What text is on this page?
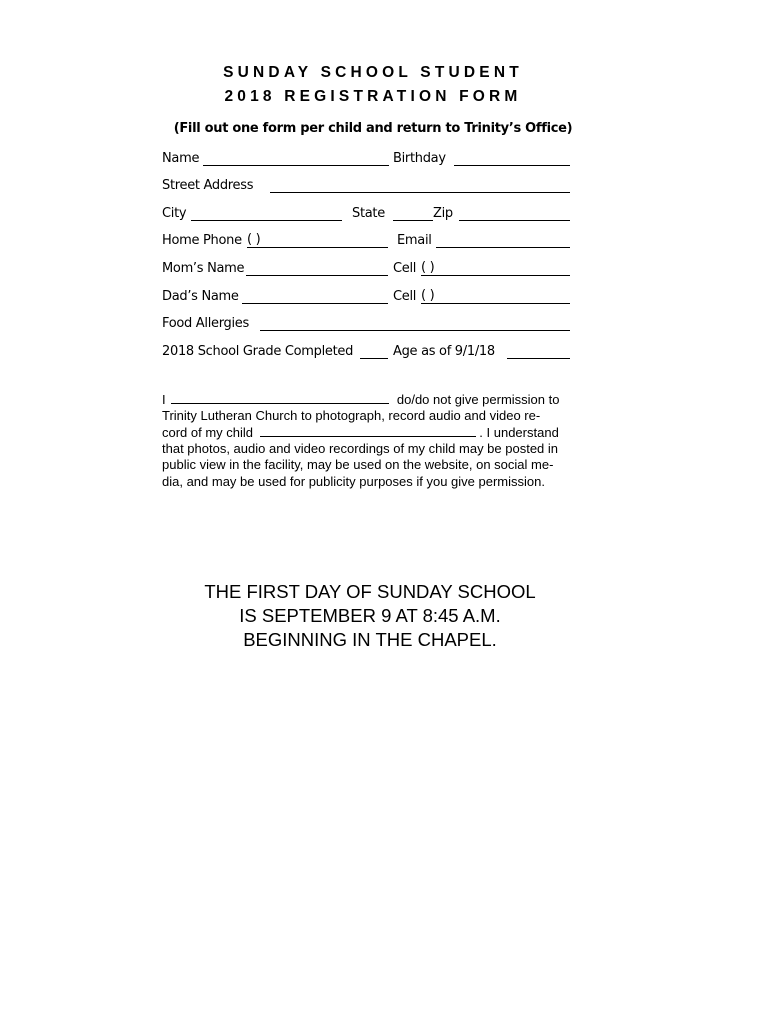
SUNDAY SCHOOL STUDENT
2018 REGISTRATION FORM
(Fill out one form per child and return to Trinity’s Office)
Name	Birthday
Street Address
City	State	Zip
Home Phone ( )	Email
Mom’s Name	Cell ( )
Dad’s Name	Cell ( )
Food Allergies
2018 School Grade Completed	Age as of 9/1/18
I	do/do not give permission to
Trinity Lutheran Church to photograph, record audio and video re-
cord of my child	. I understand
that photos, audio and video recordings of my child may be posted in
public view in the facility, may be used on the website, on social me-
dia, and may be used for publicity purposes if you give permission.
THE FIRST DAY OF SUNDAY SCHOOL
IS SEPTEMBER 9 AT 8:45 A.M.
BEGINNING IN THE CHAPEL.
